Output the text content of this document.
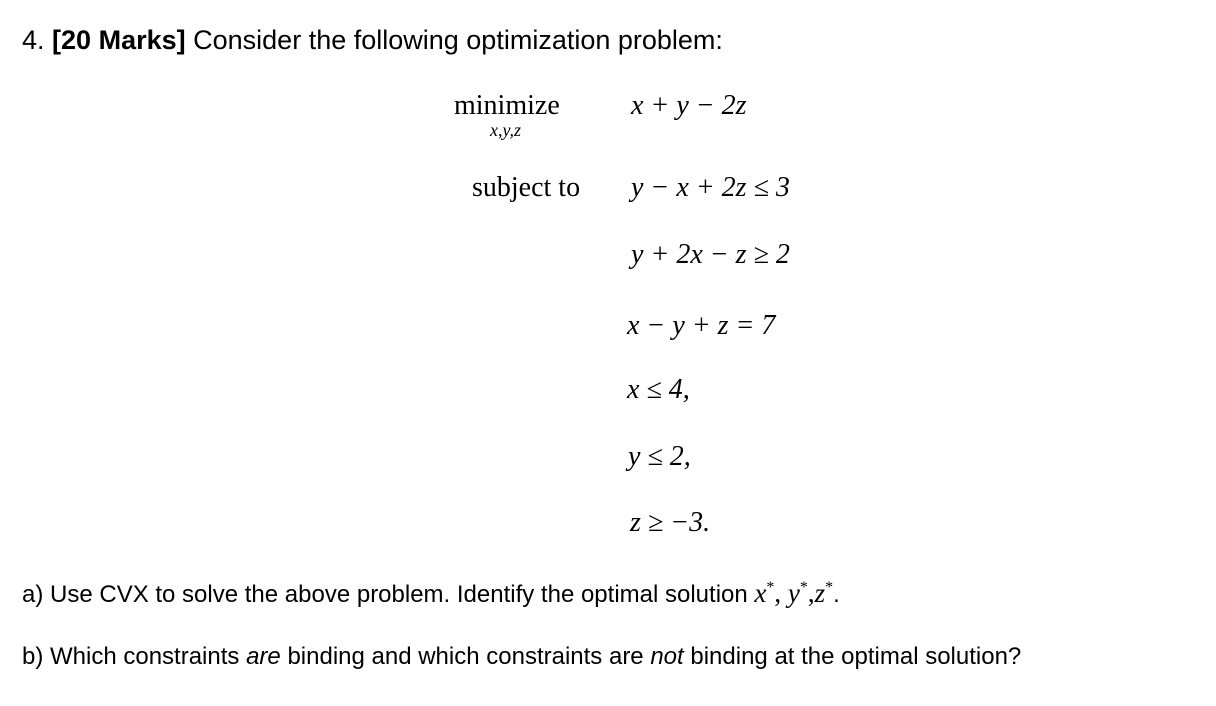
4. [20 Marks] Consider the following optimization problem:
minimize
x,y,z
x + y − 2z
subject to y − x + 2z ≤ 3
y + 2x − z ≥ 2
x − y + z = 7
x ≤ 4,
y ≤ 2,
z ≥ −3.
a) Use CVX to solve the above problem. Identify the optimal solution x*, y*,z*.
b) Which constraints are binding and which constraints are not binding at the optimal solution?
